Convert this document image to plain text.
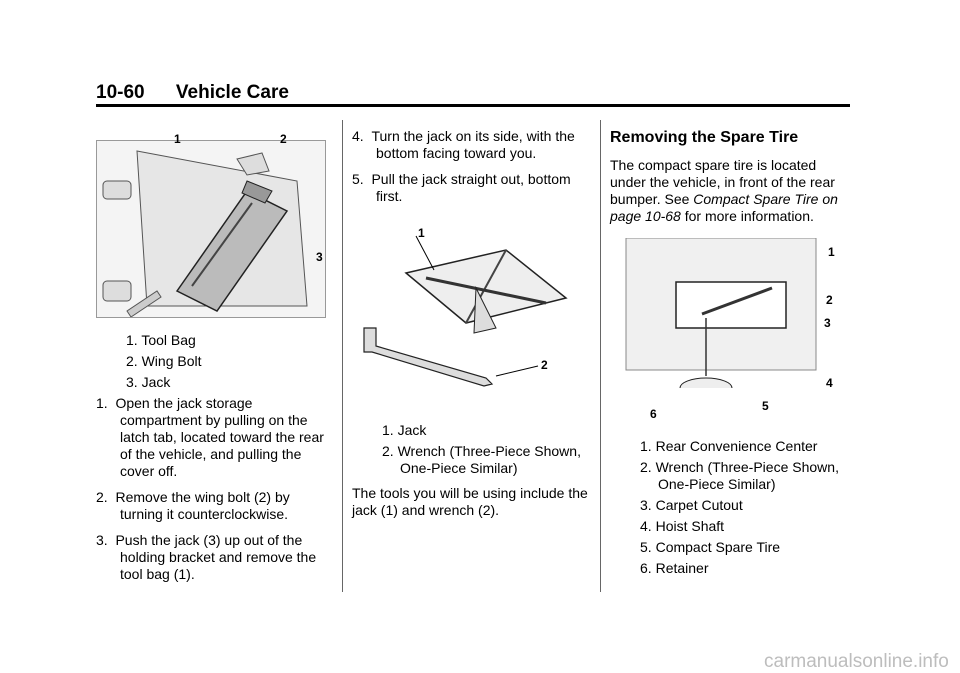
10-60 Vehicle Care
1	2
3
1. Tool Bag
2. Wing Bolt
3. Jack
1. Open the jack storage compartment by pulling on the latch tab, located toward the rear of the vehicle, and pulling the cover off.
2. Remove the wing bolt (2) by turning it counterclockwise.
3. Push the jack (3) up out of the holding bracket and remove the tool bag (1).
4. Turn the jack on its side, with the bottom facing toward you.
5. Pull the jack straight out, bottom first.
1
2
1. Jack
2. Wrench (Three-Piece Shown, One-Piece Similar)

The tools you will be using include the jack (1) and wrench (2).

Removing the Spare Tire

The compact spare tire is located under the vehicle, in front of the rear bumper. See Compact Spare Tire on page 10-68 for more information.

1
2
3
4
5
6
1. Rear Convenience Center
2. Wrench (Three-Piece Shown, One-Piece Similar)
3. Carpet Cutout
4. Hoist Shaft
5. Compact Spare Tire
6. Retainer
carmanualsonline.info
